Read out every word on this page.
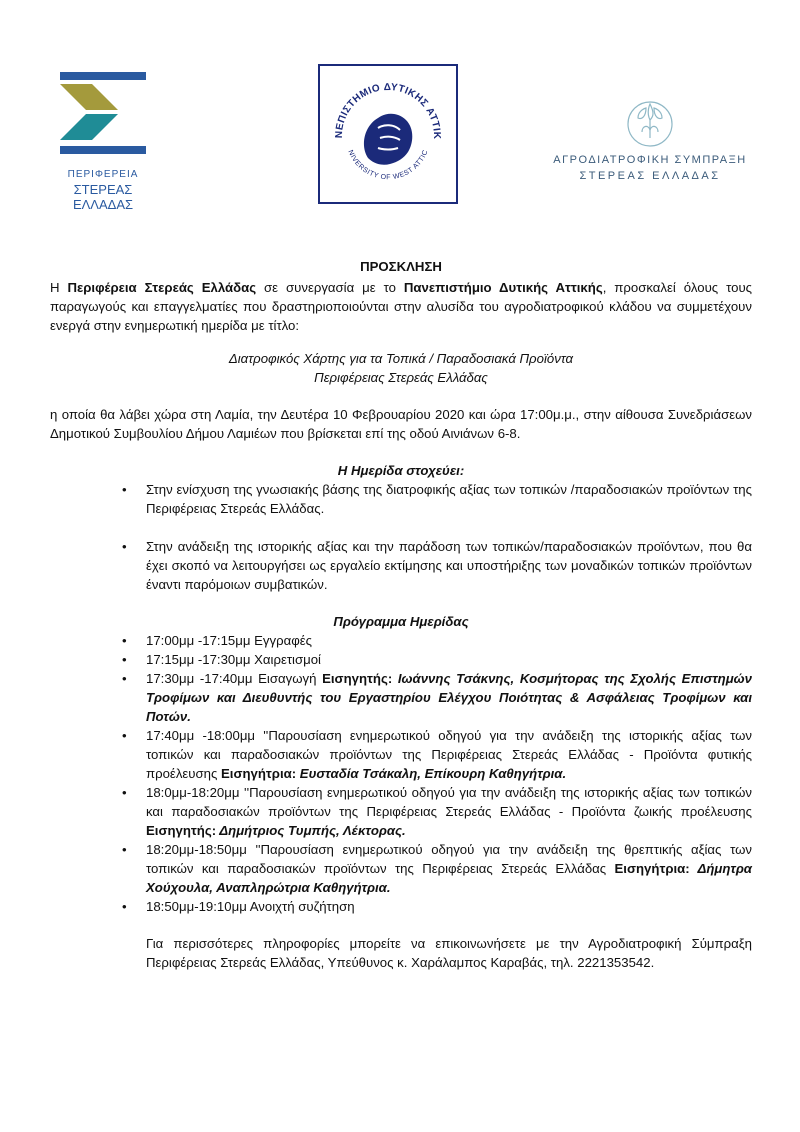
ΠΕΡΙΦΕΡΕΙΑ
ΣΤΕΡΕΑΣ
ΕΛΛΑΔΑΣ
ΝΕΠΙΣΤΗΜΙΟ ΔΥΤΙΚΗΣ ΑΤΤΙΚ
NIVERSITY OF WEST ATTIC
ΑΓΡΟΔΙΑΤΡΟΦΙΚΗ ΣΥΜΠΡΑΞΗ
ΣΤΕΡΕΑΣ ΕΛΛΑΔΑΣ
ΠΡΟΣΚΛΗΣΗ
Η Περιφέρεια Στερεάς Ελλάδας σε συνεργασία με το Πανεπιστήμιο Δυτικής Αττικής, προσκαλεί όλους τους παραγωγούς και επαγγελματίες που δραστηριοποιούνται στην αλυσίδα του αγροδιατροφικού κλάδου να συμμετέχουν ενεργά στην ενημερωτική ημερίδα με τίτλο:
Διατροφικός Χάρτης για τα Τοπικά / Παραδοσιακά Προϊόντα
Περιφέρειας Στερεάς Ελλάδας
η οποία θα λάβει χώρα στη Λαμία, την Δευτέρα 10 Φεβρουαρίου 2020 και ώρα 17:00μ.μ., στην αίθουσα Συνεδριάσεων Δημοτικού Συμβουλίου Δήμου Λαμιέων που βρίσκεται επί της οδού Αινιάνων 6-8.
Η Ημερίδα στοχεύει:
• Στην ενίσχυση της γνωσιακής βάσης της διατροφικής αξίας των τοπικών /παραδοσιακών προϊόντων της Περιφέρειας Στερεάς Ελλάδας.
• Στην ανάδειξη της ιστορικής αξίας και την παράδοση των τοπικών/παραδοσιακών προϊόντων, που θα έχει σκοπό να λειτουργήσει ως εργαλείο εκτίμησης και υποστήριξης των μοναδικών τοπικών προϊόντων έναντι παρόμοιων συμβατικών.
Πρόγραμμα Ημερίδας
• 17:00μμ -17:15μμ Εγγραφές
• 17:15μμ -17:30μμ Χαιρετισμοί
• 17:30μμ -17:40μμ Εισαγωγή Εισηγητής: Ιωάννης Τσάκνης, Κοσμήτορας της Σχολής Επιστημών Τροφίμων και Διευθυντής του Εργαστηρίου Ελέγχου Ποιότητας & Ασφάλειας Τροφίμων και Ποτών.
• 17:40μμ -18:00μμ ''Παρουσίαση ενημερωτικού οδηγού για την ανάδειξη της ιστορικής αξίας των τοπικών και παραδοσιακών προϊόντων της Περιφέρειας Στερεάς Ελλάδας - Προϊόντα φυτικής προέλευσης Εισηγήτρια: Ευσταδία Τσάκαλη, Επίκουρη Καθηγήτρια.
• 18:0μμ-18:20μμ ''Παρουσίαση ενημερωτικού οδηγού για την ανάδειξη της ιστορικής αξίας των τοπικών και παραδοσιακών προϊόντων της Περιφέρειας Στερεάς Ελλάδας - Προϊόντα ζωικής προέλευσης Εισηγητής: Δημήτριος Τυμπής, Λέκτορας.
• 18:20μμ-18:50μμ ''Παρουσίαση ενημερωτικού οδηγού για την ανάδειξη της θρεπτικής αξίας των τοπικών και παραδοσιακών προϊόντων της Περιφέρειας Στερεάς Ελλάδας Εισηγήτρια: Δήμητρα Χούχουλα, Αναπληρώτρια Καθηγήτρια.
• 18:50μμ-19:10μμ Ανοιχτή συζήτηση
Για περισσότερες πληροφορίες μπορείτε να επικοινωνήσετε με την Αγροδιατροφική Σύμπραξη Περιφέρειας Στερεάς Ελλάδας, Υπεύθυνος κ. Χαράλαμπος Καραβάς, τηλ. 2221353542.
